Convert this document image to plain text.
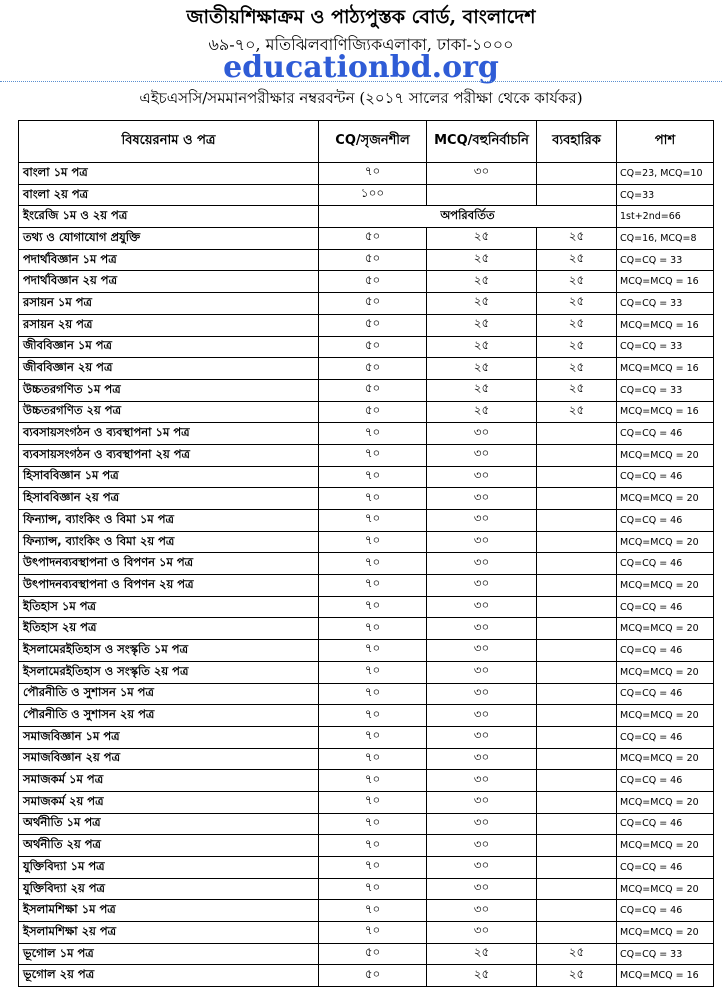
জাতীয়শিক্ষাক্রম ও পাঠ্যপুস্তক বোর্ড, বাংলাদেশ
৬৯-৭০, মতিঝিলবাণিজ্যিকএলাকা, ঢাকা-১০০০
educationbd.org
এইচএসসি/সমমানপরীক্ষার নম্বরবন্টন (২০১৭ সালের পরীক্ষা থেকে কার্যকর)
বিষয়েরনাম ও পত্র	CQ/সৃজনশীল	MCQ/বহুনির্বাচনি	ব্যবহারিক	পাশ
বাংলা ১ম পত্র	৭০	৩০		CQ=23, MCQ=10
বাংলা ২য় পত্র	১০০			CQ=33
ইংরেজি ১ম ও ২য় পত্র	অপরিবর্তিত			1st+2nd=66
তথ্য ও যোগাযোগ প্রযুক্তি	৫০	২৫	২৫	CQ=16, MCQ=8
পদার্থবিজ্ঞান ১ম পত্র	৫০	২৫	২৫	CQ=CQ = 33
পদার্থবিজ্ঞান ২য় পত্র	৫০	২৫	২৫	MCQ=MCQ = 16
রসায়ন ১ম পত্র	৫০	২৫	২৫	CQ=CQ = 33
রসায়ন ২য় পত্র	৫০	২৫	২৫	MCQ=MCQ = 16
জীববিজ্ঞান ১ম পত্র	৫০	২৫	২৫	CQ=CQ = 33
জীববিজ্ঞান ২য় পত্র	৫০	২৫	২৫	MCQ=MCQ = 16
উচ্চতরগণিত ১ম পত্র	৫০	২৫	২৫	CQ=CQ = 33
উচ্চতরগণিত ২য় পত্র	৫০	২৫	২৫	MCQ=MCQ = 16
ব্যবসায়সংগঠন ও ব্যবস্থাপনা ১ম পত্র	৭০	৩০		CQ=CQ = 46
ব্যবসায়সংগঠন ও ব্যবস্থাপনা ২য় পত্র	৭০	৩০		MCQ=MCQ = 20
হিসাববিজ্ঞান ১ম পত্র	৭০	৩০		CQ=CQ = 46
হিসাববিজ্ঞান ২য় পত্র	৭০	৩০		MCQ=MCQ = 20
ফিন্যান্স, ব্যাংকিং ও বিমা ১ম পত্র	৭০	৩০		CQ=CQ = 46
ফিন্যান্স, ব্যাংকিং ও বিমা ২য় পত্র	৭০	৩০		MCQ=MCQ = 20
উৎপাদনব্যবস্থাপনা ও বিপণন ১ম পত্র	৭০	৩০		CQ=CQ = 46
উৎপাদনব্যবস্থাপনা ও বিপণন ২য় পত্র	৭০	৩০		MCQ=MCQ = 20
ইতিহাস ১ম পত্র	৭০	৩০		CQ=CQ = 46
ইতিহাস ২য় পত্র	৭০	৩০		MCQ=MCQ = 20
ইসলামেরইতিহাস ও সংস্কৃতি ১ম পত্র	৭০	৩০		CQ=CQ = 46
ইসলামেরইতিহাস ও সংস্কৃতি ২য় পত্র	৭০	৩০		MCQ=MCQ = 20
পৌরনীতি ও সুশাসন ১ম পত্র	৭০	৩০		CQ=CQ = 46
পৌরনীতি ও সুশাসন ২য় পত্র	৭০	৩০		MCQ=MCQ = 20
সমাজবিজ্ঞান ১ম পত্র	৭০	৩০		CQ=CQ = 46
সমাজবিজ্ঞান ২য় পত্র	৭০	৩০		MCQ=MCQ = 20
সমাজকর্ম ১ম পত্র	৭০	৩০		CQ=CQ = 46
সমাজকর্ম ২য় পত্র	৭০	৩০		MCQ=MCQ = 20
অর্থনীতি ১ম পত্র	৭০	৩০		CQ=CQ = 46
অর্থনীতি ২য় পত্র	৭০	৩০		MCQ=MCQ = 20
যুক্তিবিদ্যা ১ম পত্র	৭০	৩০		CQ=CQ = 46
যুক্তিবিদ্যা ২য় পত্র	৭০	৩০		MCQ=MCQ = 20
ইসলামশিক্ষা ১ম পত্র	৭০	৩০		CQ=CQ = 46
ইসলামশিক্ষা ২য় পত্র	৭০	৩০		MCQ=MCQ = 20
ভূগোল ১ম পত্র	৫০	২৫	২৫	CQ=CQ = 33
ভূগোল ২য় পত্র	৫০	২৫	২৫	MCQ=MCQ = 16
